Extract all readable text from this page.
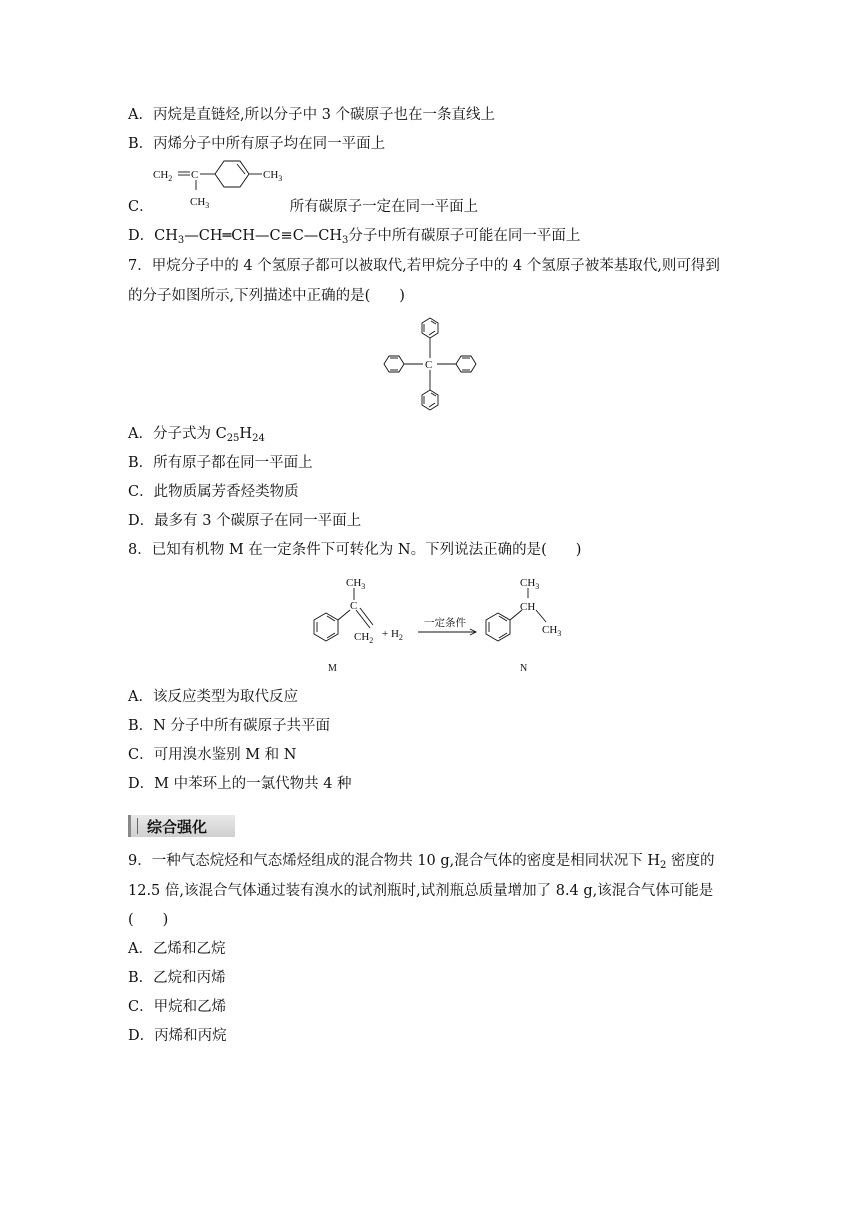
A．丙烷是直链烃,所以分子中 3 个碳原子也在一条直线上
B．丙烯分子中所有原子均在同一平面上
$CH_2$ C
$CH_3$
$CH_3$
C．	所有碳原子一定在同一平面上
D．$CH_3—CH═CH—C\equiv C—CH_3$分子中所有碳原子可能在同一平面上
7．甲烷分子中的 4 个氢原子都可以被取代,若甲烷分子中的 4 个氢原子被苯基取代,则可得到
的分子如图所示,下列描述中正确的是(　　)
C
A．分子式为 $C_{25}H_{24}$
B．所有原子都在同一平面上
C．此物质属芳香烃类物质
D．最多有 3 个碳原子在同一平面上
8．已知有机物 M 在一定条件下可转化为 N。下列说法正确的是(　　)
$CH_3$
C
$CH_2$
+ $H_2$
一定条件
$CH_3$
CH
$CH_3$
M	N
A．该反应类型为取代反应
B．N 分子中所有碳原子共平面
C．可用溴水鉴别 M 和 N
D．M 中苯环上的一氯代物共 4 种
综合强化
9．一种气态烷烃和气态烯烃组成的混合物共 10 g,混合气体的密度是相同状况下 $H_2$ 密度的
12.5 倍,该混合气体通过装有溴水的试剂瓶时,试剂瓶总质量增加了 8.4 g,该混合气体可能是
(　　)
A．乙烯和乙烷
B．乙烷和丙烯
C．甲烷和乙烯
D．丙烯和丙烷
